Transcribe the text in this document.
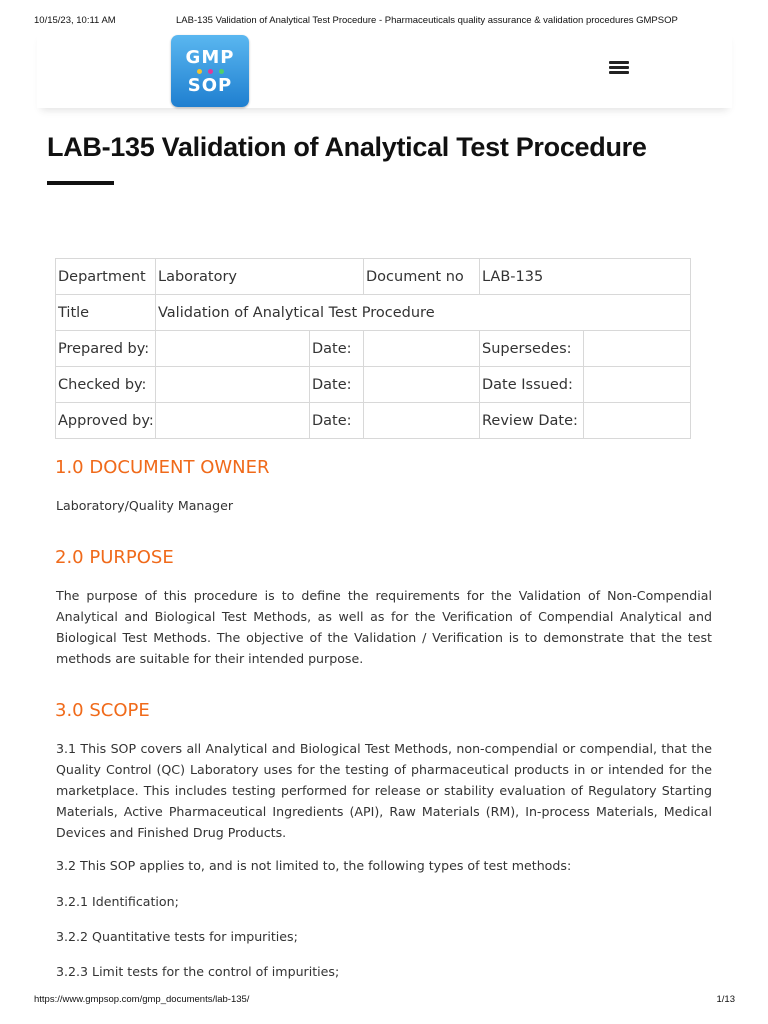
10/15/23, 10:11 AM	LAB-135 Validation of Analytical Test Procedure - Pharmaceuticals quality assurance & validation procedures GMPSOP
GMP
SOP
LAB-135 Validation of Analytical Test Procedure
Department	Laboratory		Document no	LAB-135	
Title	Validation of Analytical Test Procedure				
Prepared by:		Date:		Supersedes:	
Checked by:		Date:		Date Issued:	
Approved by:		Date:		Review Date:	
1.0 DOCUMENT OWNER

Laboratory/Quality Manager

2.0 PURPOSE

The purpose of this procedure is to define the requirements for the Validation of Non-Compendial Analytical and Biological Test Methods, as well as for the Verification of Compendial Analytical and Biological Test Methods. The objective of the Validation / Verification is to demonstrate that the test methods are suitable for their intended purpose.

3.0 SCOPE

3.1 This SOP covers all Analytical and Biological Test Methods, non-compendial or compendial, that the Quality Control (QC) Laboratory uses for the testing of pharmaceutical products in or intended for the marketplace. This includes testing performed for release or stability evaluation of Regulatory Starting Materials, Active Pharmaceutical Ingredients (API), Raw Materials (RM), In-process Materials, Medical Devices and Finished Drug Products.

3.2 This SOP applies to, and is not limited to, the following types of test methods:

3.2.1 Identification;

3.2.2 Quantitative tests for impurities;

3.2.3 Limit tests for the control of impurities;

https://www.gmpsop.com/gmp_documents/lab-135/	1/13
